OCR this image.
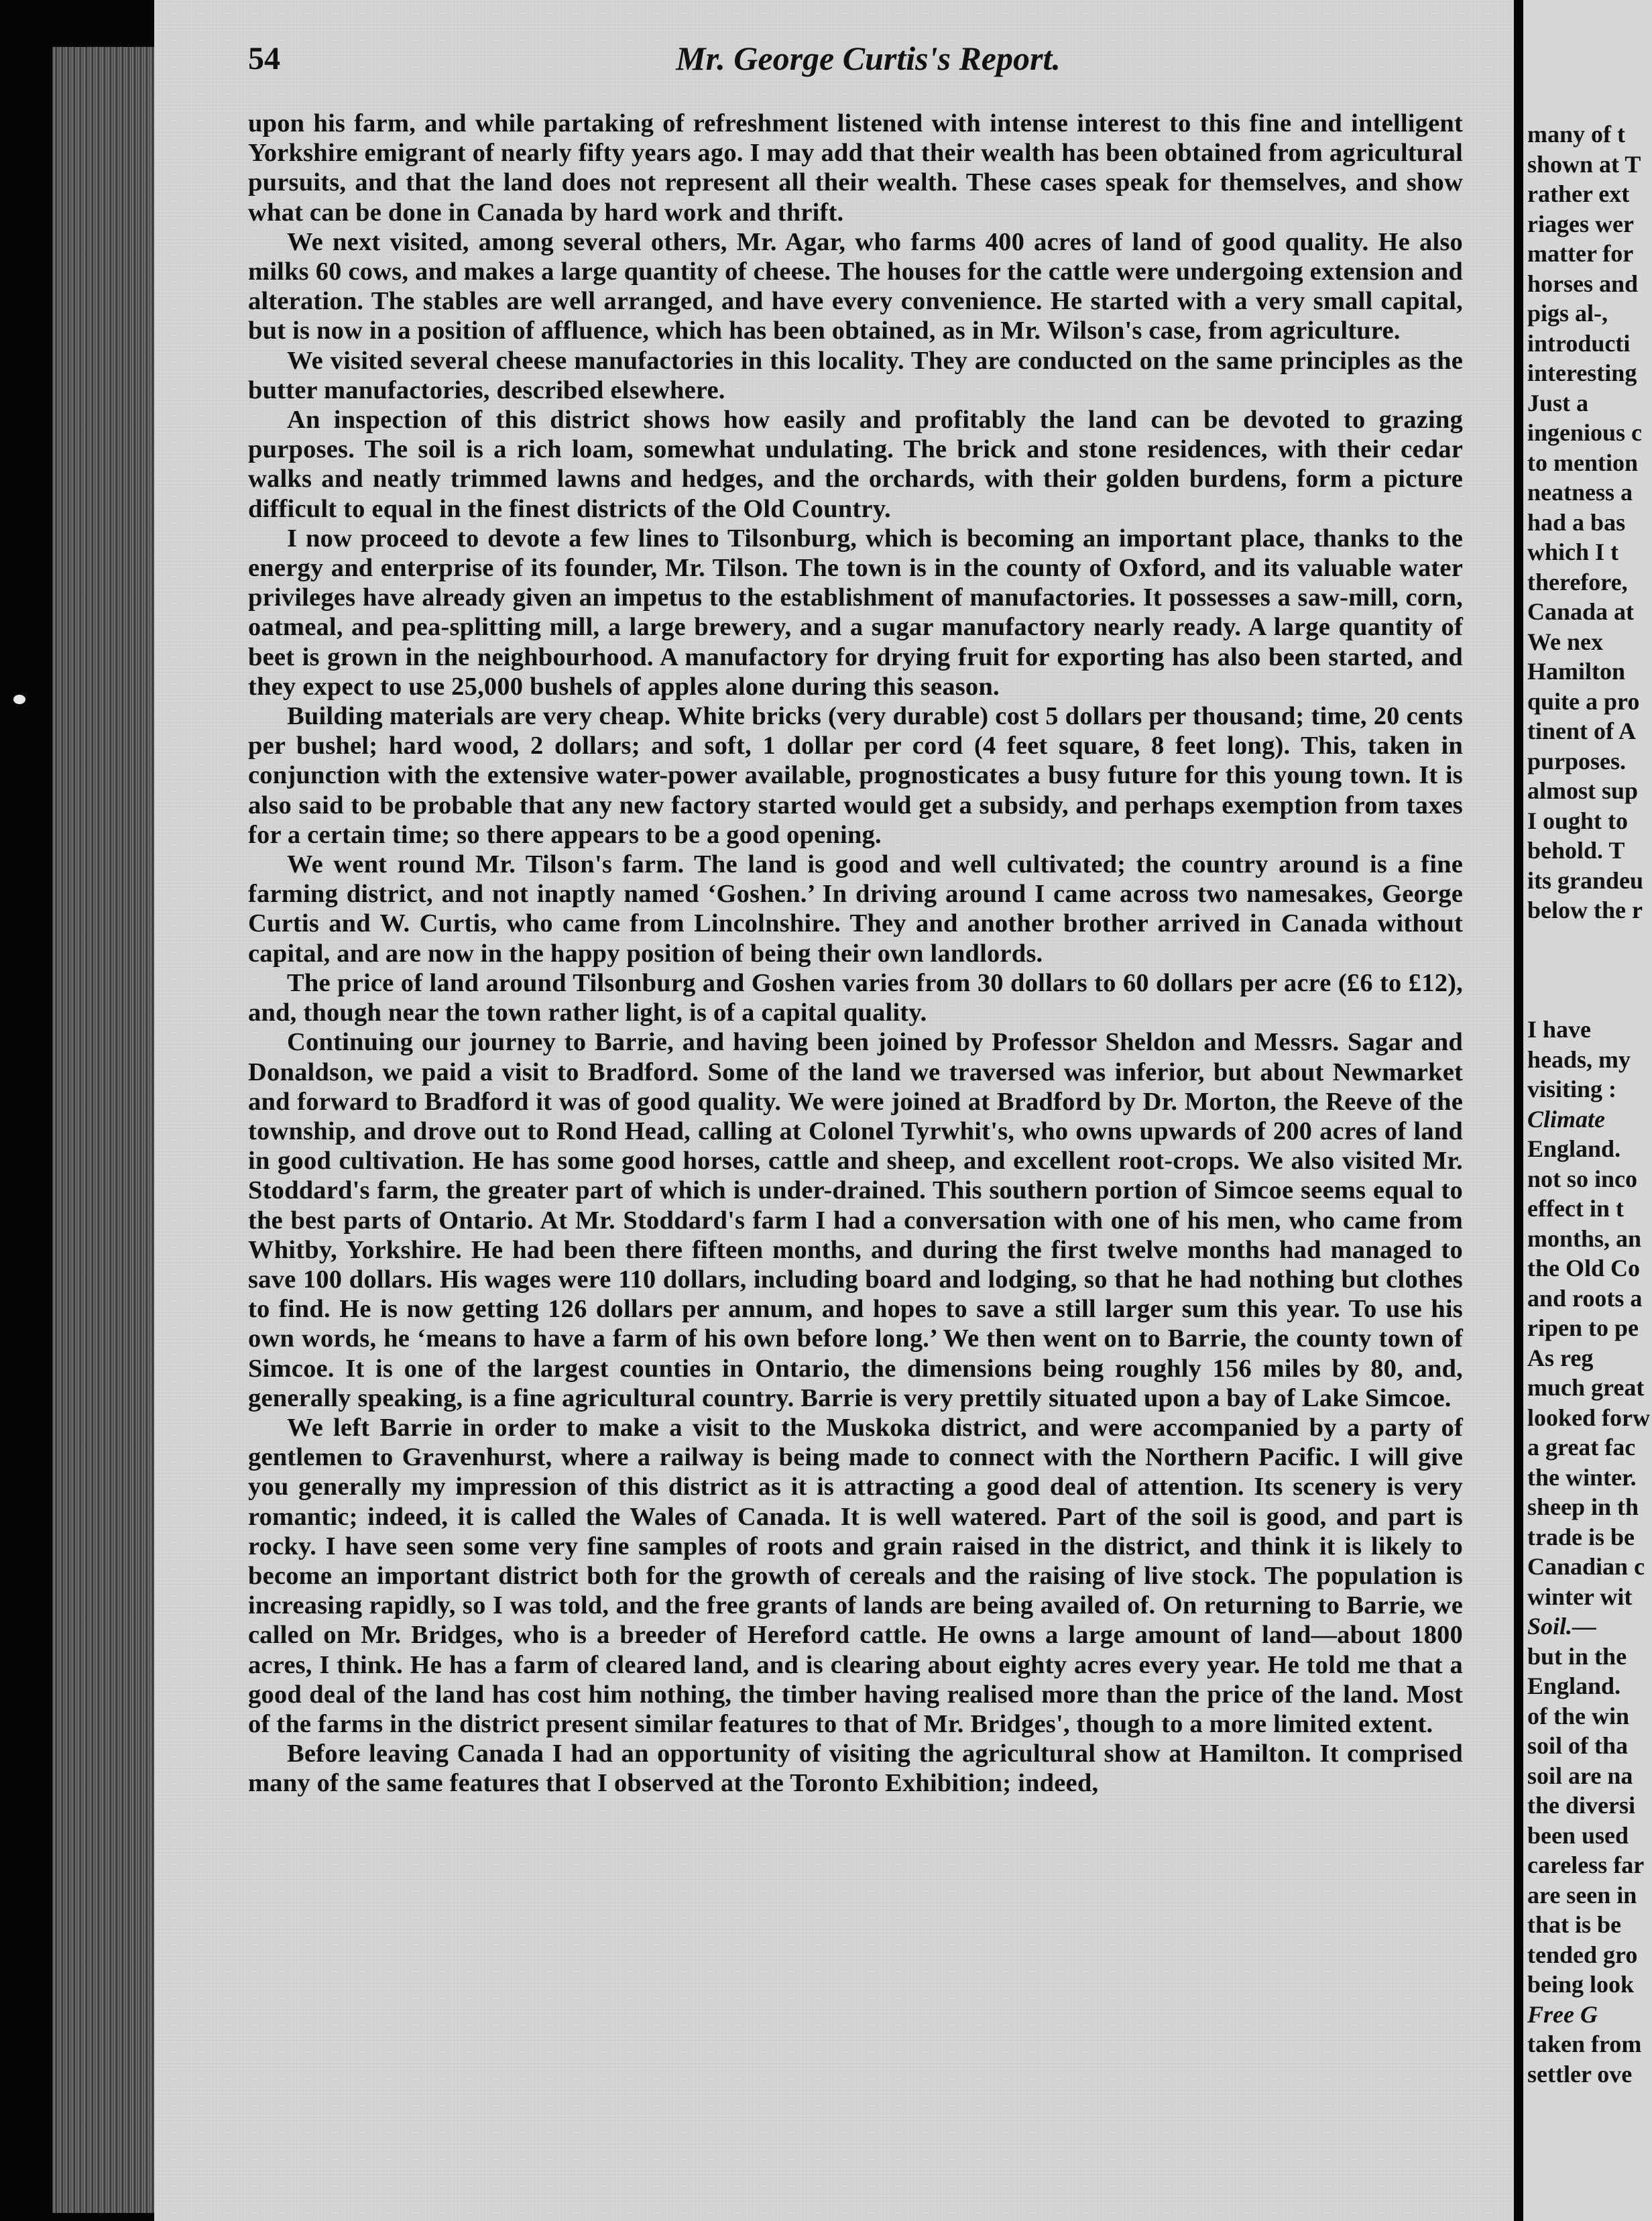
54	Mr. George Curtis's Report.

upon his farm, and while partaking of refreshment listened with intense interest to this fine and intelligent Yorkshire emigrant of nearly fifty years ago. I may add that their wealth has been obtained from agricultural pursuits, and that the land does not represent all their wealth. These cases speak for themselves, and show what can be done in Canada by hard work and thrift.

We next visited, among several others, Mr. Agar, who farms 400 acres of land of good quality. He also milks 60 cows, and makes a large quantity of cheese. The houses for the cattle were undergoing extension and alteration. The stables are well arranged, and have every convenience. He started with a very small capital, but is now in a position of affluence, which has been obtained, as in Mr. Wilson's case, from agriculture.

We visited several cheese manufactories in this locality. They are conducted on the same principles as the butter manufactories, described elsewhere.

An inspection of this district shows how easily and profitably the land can be devoted to grazing purposes. The soil is a rich loam, somewhat undulating. The brick and stone residences, with their cedar walks and neatly trimmed lawns and hedges, and the orchards, with their golden burdens, form a picture difficult to equal in the finest districts of the Old Country.

I now proceed to devote a few lines to Tilsonburg, which is becoming an important place, thanks to the energy and enterprise of its founder, Mr. Tilson. The town is in the county of Oxford, and its valuable water privileges have already given an impetus to the establishment of manufactories. It possesses a saw-mill, corn, oatmeal, and pea-splitting mill, a large brewery, and a sugar manufactory nearly ready. A large quantity of beet is grown in the neighbourhood. A manufactory for drying fruit for exporting has also been started, and they expect to use 25,000 bushels of apples alone during this season.

Building materials are very cheap. White bricks (very durable) cost 5 dollars per thousand; time, 20 cents per bushel; hard wood, 2 dollars; and soft, 1 dollar per cord (4 feet square, 8 feet long). This, taken in conjunction with the extensive water-power available, prognosticates a busy future for this young town. It is also said to be probable that any new factory started would get a subsidy, and perhaps exemption from taxes for a certain time; so there appears to be a good opening.

We went round Mr. Tilson's farm. The land is good and well cultivated; the country around is a fine farming district, and not inaptly named ‘Goshen.’ In driving around I came across two namesakes, George Curtis and W. Curtis, who came from Lincolnshire. They and another brother arrived in Canada without capital, and are now in the happy position of being their own landlords.

The price of land around Tilsonburg and Goshen varies from 30 dollars to 60 dollars per acre (£6 to £12), and, though near the town rather light, is of a capital quality.

Continuing our journey to Barrie, and having been joined by Professor Sheldon and Messrs. Sagar and Donaldson, we paid a visit to Bradford. Some of the land we traversed was inferior, but about Newmarket and forward to Bradford it was of good quality. We were joined at Bradford by Dr. Morton, the Reeve of the township, and drove out to Rond Head, calling at Colonel Tyrwhit's, who owns upwards of 200 acres of land in good cultivation. He has some good horses, cattle and sheep, and excellent root-crops. We also visited Mr. Stoddard's farm, the greater part of which is under-drained. This southern portion of Simcoe seems equal to the best parts of Ontario. At Mr. Stoddard's farm I had a conversation with one of his men, who came from Whitby, Yorkshire. He had been there fifteen months, and during the first twelve months had managed to save 100 dollars. His wages were 110 dollars, including board and lodging, so that he had nothing but clothes to find. He is now getting 126 dollars per annum, and hopes to save a still larger sum this year. To use his own words, he ‘means to have a farm of his own before long.’ We then went on to Barrie, the county town of Simcoe. It is one of the largest counties in Ontario, the dimensions being roughly 156 miles by 80, and, generally speaking, is a fine agricultural country. Barrie is very prettily situated upon a bay of Lake Simcoe.

We left Barrie in order to make a visit to the Muskoka district, and were accompanied by a party of gentlemen to Gravenhurst, where a railway is being made to connect with the Northern Pacific. I will give you generally my impression of this district as it is attracting a good deal of attention. Its scenery is very romantic; indeed, it is called the Wales of Canada. It is well watered. Part of the soil is good, and part is rocky. I have seen some very fine samples of roots and grain raised in the district, and think it is likely to become an important district both for the growth of cereals and the raising of live stock. The population is increasing rapidly, so I was told, and the free grants of lands are being availed of. On returning to Barrie, we called on Mr. Bridges, who is a breeder of Hereford cattle. He owns a large amount of land—about 1800 acres, I think. He has a farm of cleared land, and is clearing about eighty acres every year. He told me that a good deal of the land has cost him nothing, the timber having realised more than the price of the land. Most of the farms in the district present similar features to that of Mr. Bridges', though to a more limited extent.

Before leaving Canada I had an opportunity of visiting the agricultural show at Hamilton. It comprised many of the same features that I observed at the Toronto Exhibition; indeed,

many of t
shown at T
rather ext
riages wer
matter for
horses and
pigs al-,
introducti
interesting
Just a
ingenious c
to mention
neatness a
had a bas
which I t
therefore,
Canada at
We nex
Hamilton
quite a pro
tinent of A
purposes.
almost sup
I ought to
behold. T
its grandeu
below the r
I have
heads, my
visiting :
Climate
England.
not so inco
effect in t
months, an
the Old Co
and roots a
ripen to pe
As reg
much great
looked forw
a great fac
the winter.
sheep in th
trade is be
Canadian c
winter wit
Soil.—
but in the
England.
of the win
soil of tha
soil are na
the diversi
been used
careless far
are seen in
that is be
tended gro
being look
Free G
taken from
settler ove
